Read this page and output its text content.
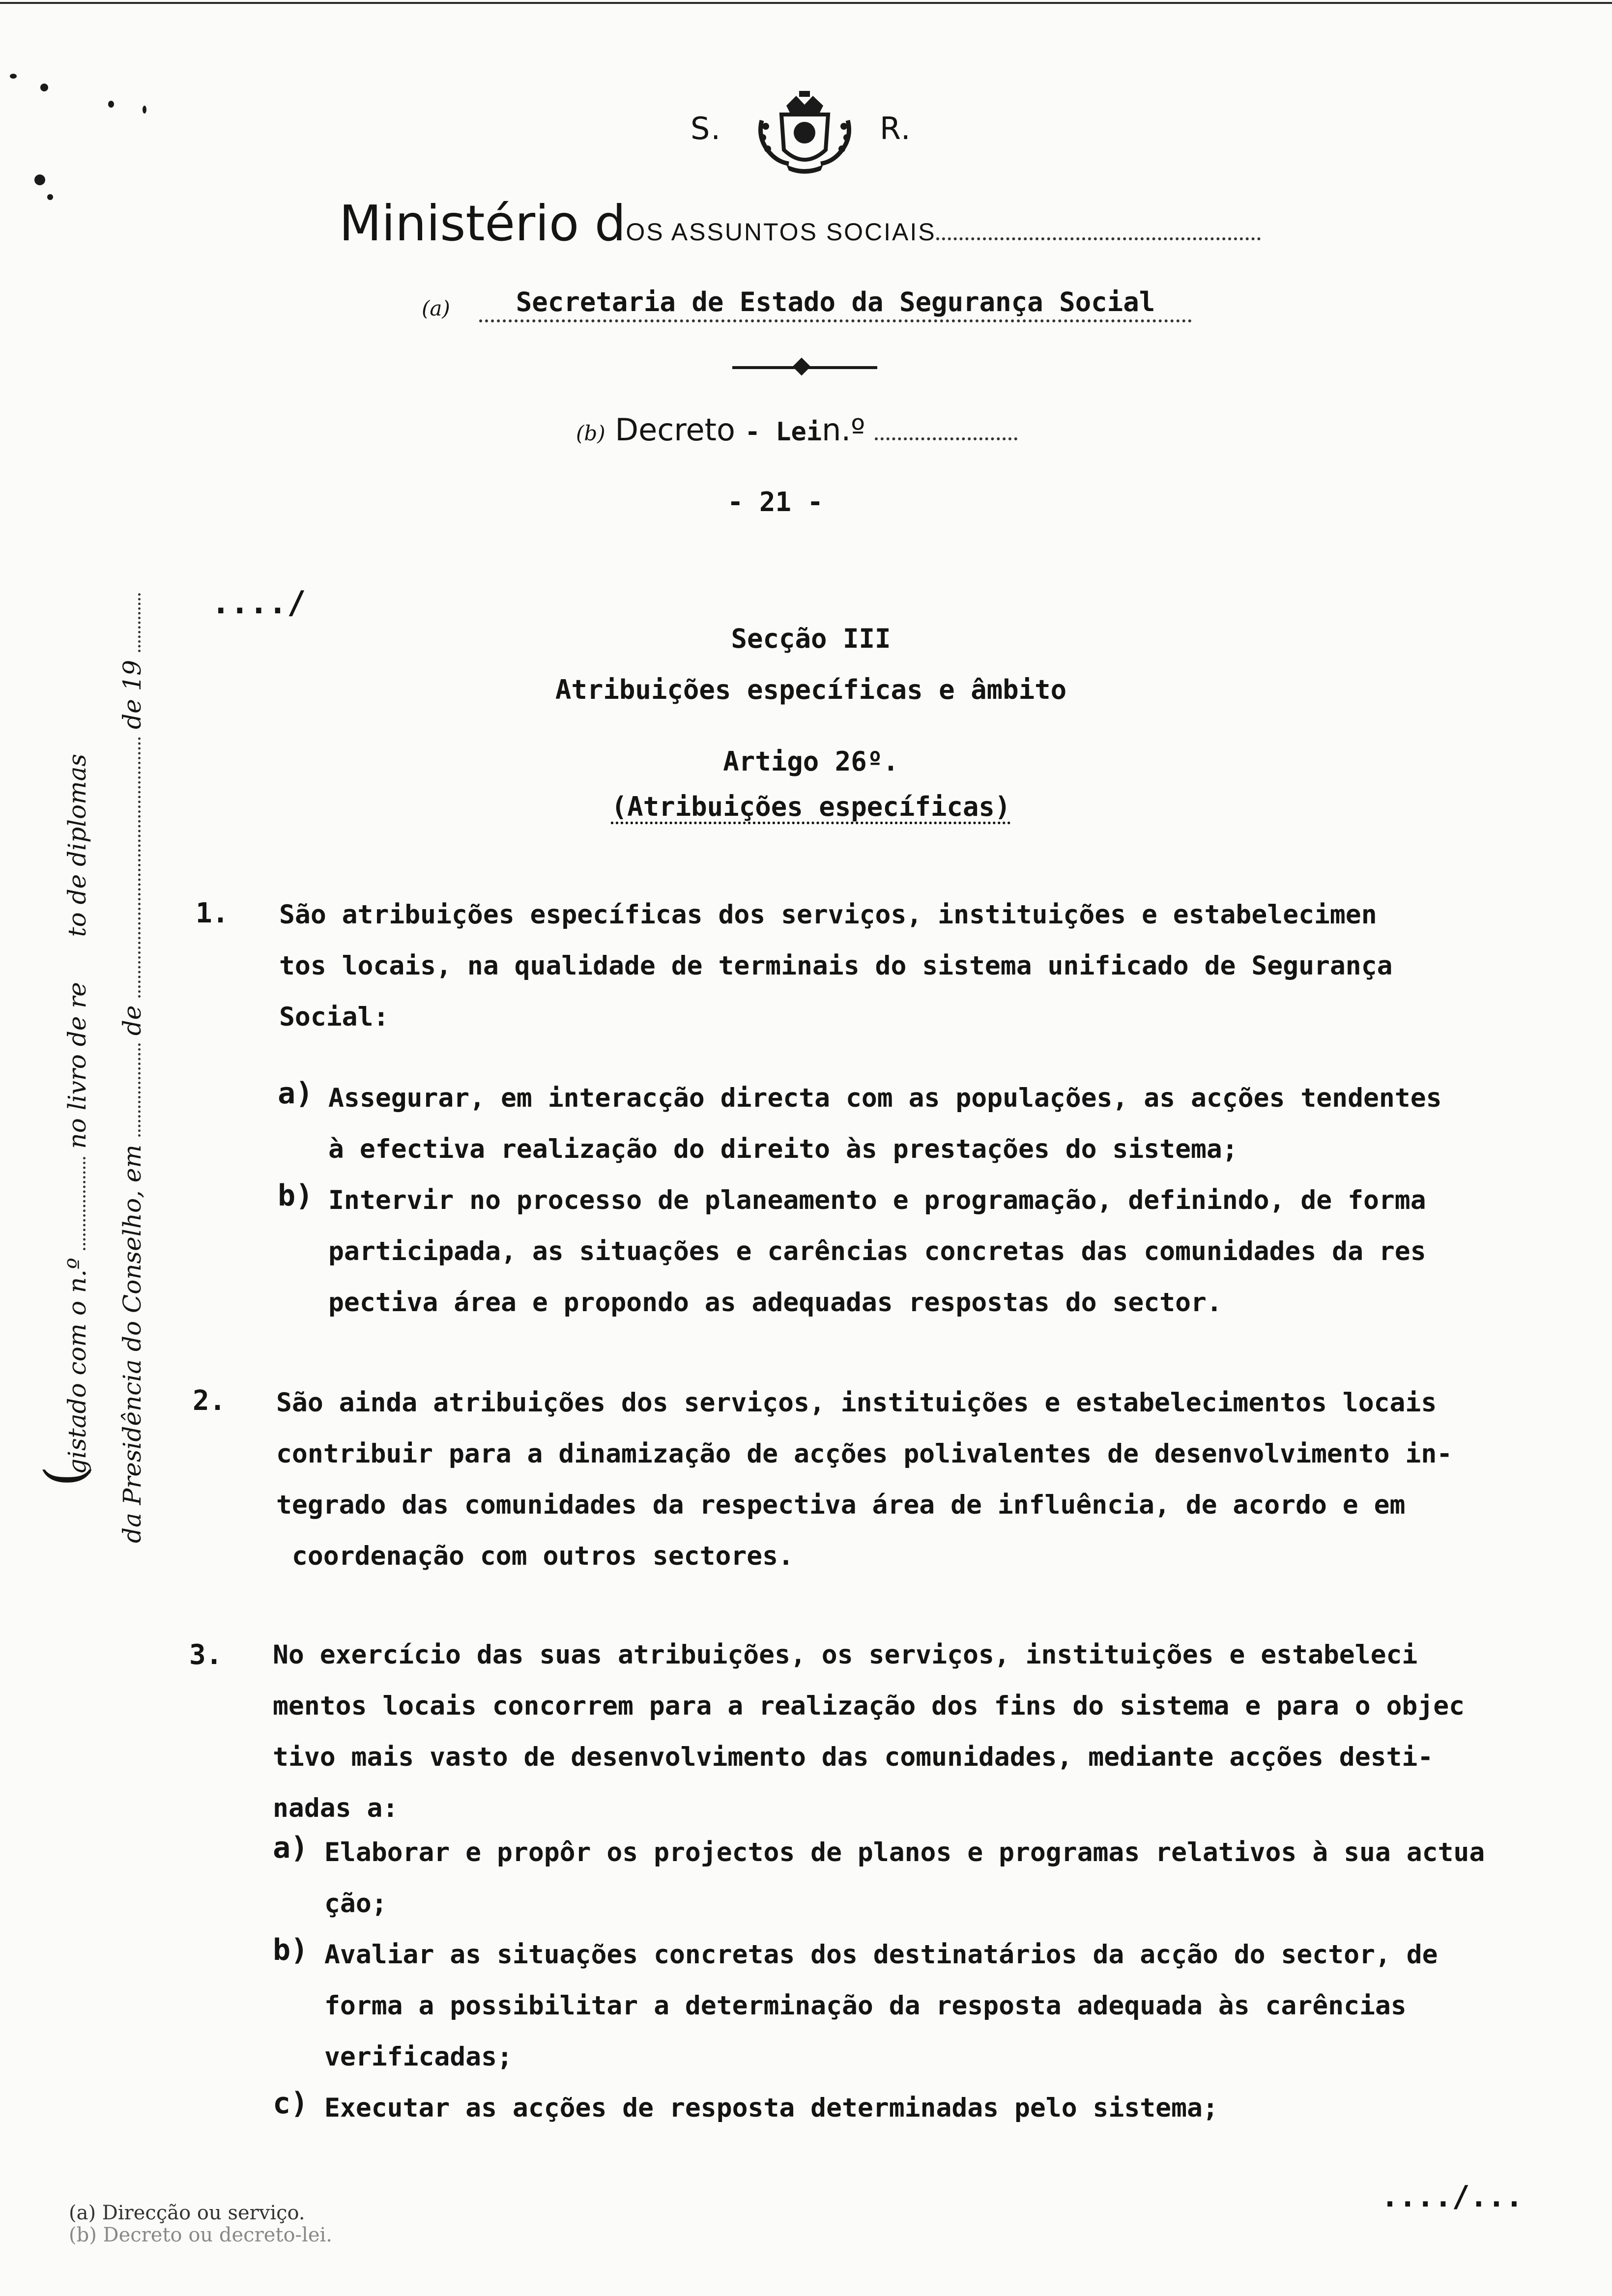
S.	R.
Ministério dOS ASSUNTOS SOCIAIS
(a)	Secretaria de Estado da Segurança Social
(b) Decreto - Lein.º
- 21 -
..../
Secção III
Atribuições específicas e âmbito
Artigo 26º.
(Atribuições específicas)
1. São atribuições específicas dos serviços, instituições e estabelecimen
tos locais, na qualidade de terminais do sistema unificado de Segurança
Social:
a) Assegurar, em interacção directa com as populações, as acções tendentes
à efectiva realização do direito às prestações do sistema;
b) Intervir no processo de planeamento e programação, definindo, de forma
participada, as situações e carências concretas das comunidades da res
pectiva área e propondo as adequadas respostas do sector.
2. São ainda atribuições dos serviços, instituições e estabelecimentos locais
contribuir para a dinamização de acções polivalentes de desenvolvimento in-
tegrado das comunidades da respectiva área de influência, de acordo e em
coordenação com outros sectores.
3. No exercício das suas atribuições, os serviços, instituições e estabeleci
mentos locais concorrem para a realização dos fins do sistema e para o objec
tivo mais vasto de desenvolvimento das comunidades, mediante acções desti-
nadas a:
a) Elaborar e propôr os projectos de planos e programas relativos à sua actua
ção;
b) Avaliar as situações concretas dos destinatários da acção do sector, de
forma a possibilitar a determinação da resposta adequada às carências
verificadas;
c) Executar as acções de resposta determinadas pelo sistema;
..../...
(a) Direcção ou serviço.
(b) Decreto ou decreto-lei.
(
gistado com o n.º  no livro de re  to de diplomas
da Presidência do Conselho, em  de  de 19
